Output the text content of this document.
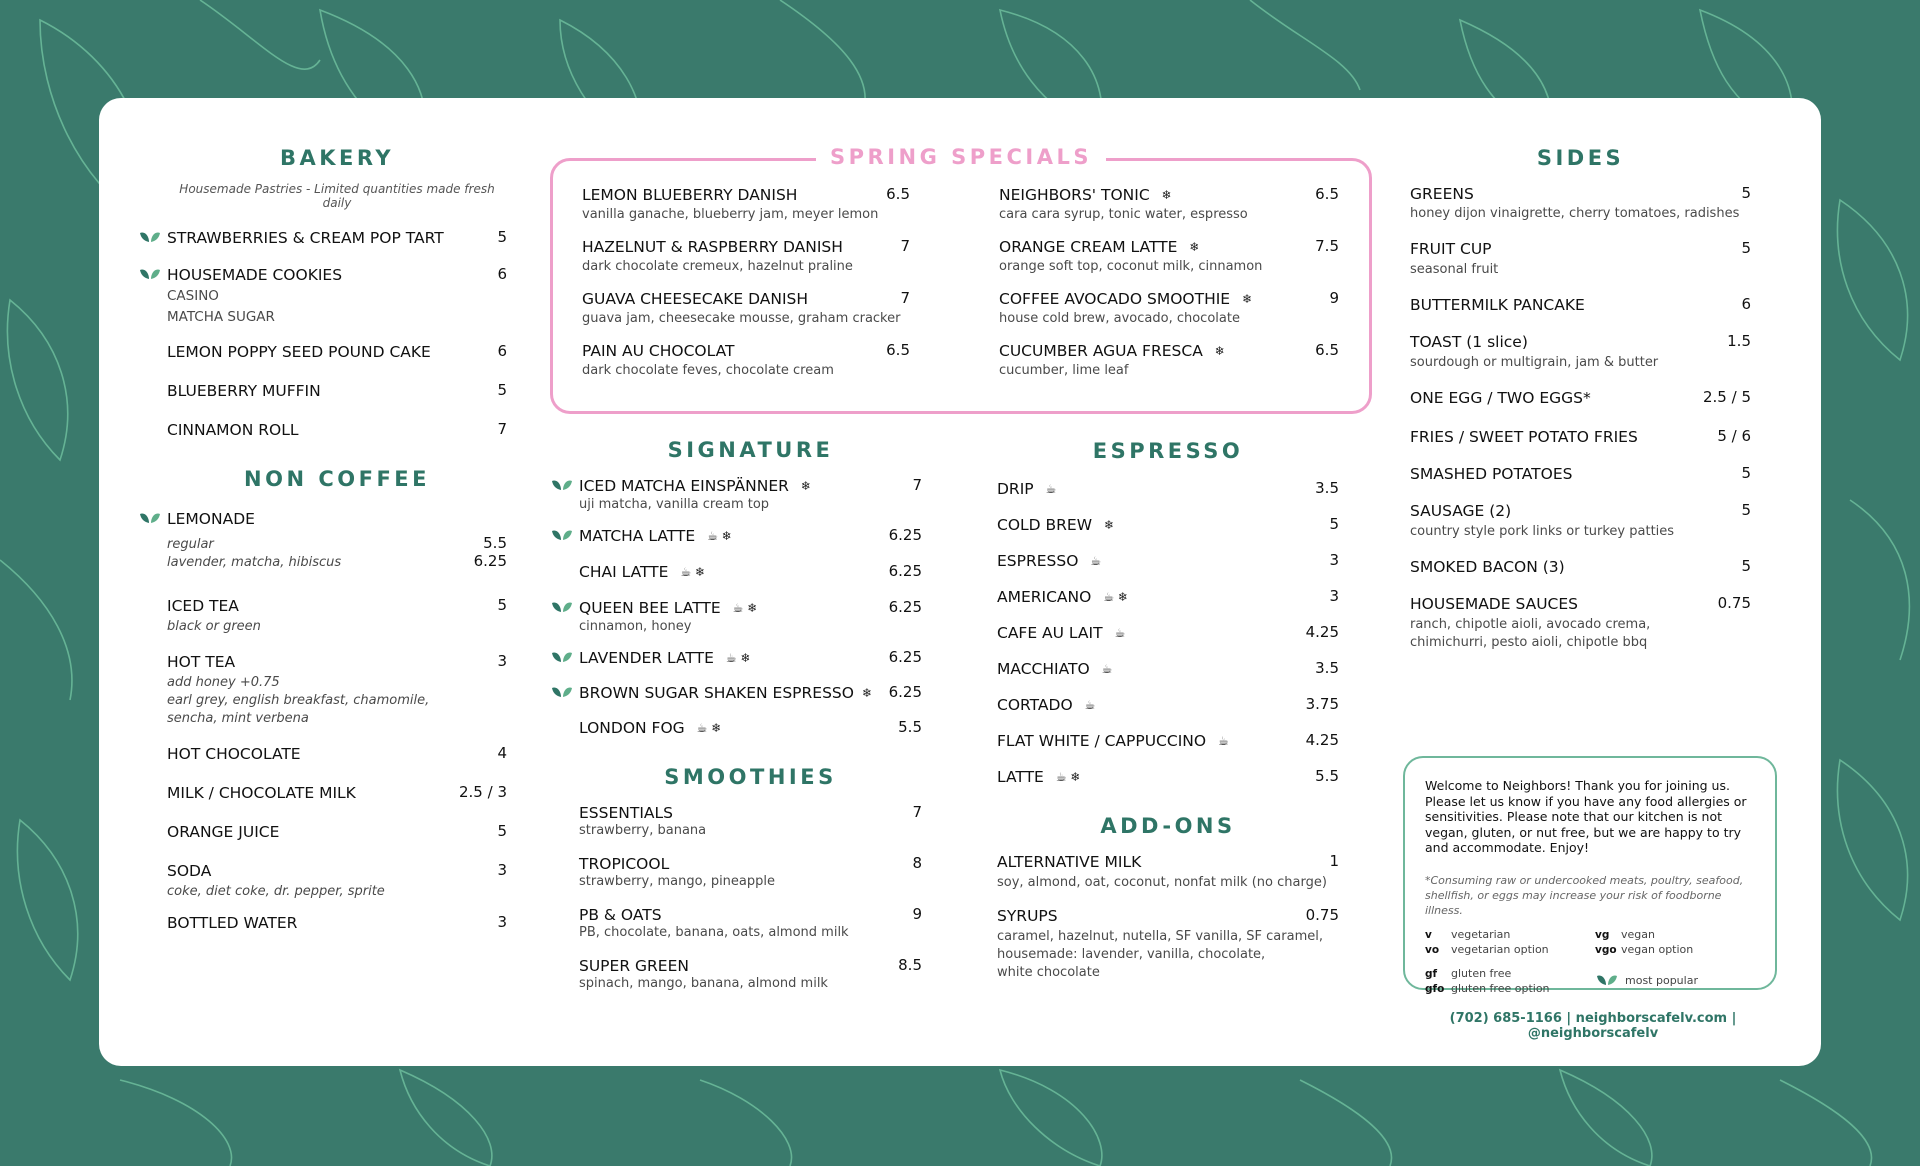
BAKERY
Housemade Pastries - Limited quantities made fresh daily
STRAWBERRIES & CREAM POP TART	5
HOUSEMADE COOKIES	6
CASINO
MATCHA SUGAR
LEMON POPPY SEED POUND CAKE	6
BLUEBERRY MUFFIN	5
CINNAMON ROLL	7
NON COFFEE
LEMONADE
regular	5.5
lavender, matcha, hibiscus	6.25
ICED TEA	5
black or green
HOT TEA	3
add honey +0.75
earl grey, english breakfast, chamomile,
sencha, mint verbena
HOT CHOCOLATE	4
MILK / CHOCOLATE MILK	2.5 / 3
ORANGE JUICE	5
SODA	3
coke, diet coke, dr. pepper, sprite
BOTTLED WATER	3
SPRING SPECIALS
LEMON BLUEBERRY DANISH	6.5
vanilla ganache, blueberry jam, meyer lemon
HAZELNUT & RASPBERRY DANISH	7
dark chocolate cremeux, hazelnut praline
GUAVA CHEESECAKE DANISH	7
guava jam, cheesecake mousse, graham cracker
PAIN AU CHOCOLAT	6.5
dark chocolate feves, chocolate cream
NEIGHBORS' TONIC ❄	6.5
cara cara syrup, tonic water, espresso
ORANGE CREAM LATTE ❄	7.5
orange soft top, coconut milk, cinnamon
COFFEE AVOCADO SMOOTHIE ❄	9
house cold brew, avocado, chocolate
CUCUMBER AGUA FRESCA ❄	6.5
cucumber, lime leaf
SIGNATURE
ICED MATCHA EINSPÄNNER ❄	7
uji matcha, vanilla cream top
MATCHA LATTE ☕ ❄	6.25
CHAI LATTE ☕ ❄	6.25
QUEEN BEE LATTE ☕ ❄	6.25
cinnamon, honey
LAVENDER LATTE ☕ ❄	6.25
BROWN SUGAR SHAKEN ESPRESSO ❄ 6.25
LONDON FOG ☕ ❄	5.5
SMOOTHIES
ESSENTIALS	7
strawberry, banana
TROPICOOL	8
strawberry, mango, pineapple
PB & OATS	9
PB, chocolate, banana, oats, almond milk
SUPER GREEN	8.5
spinach, mango, banana, almond milk
ESPRESSO
DRIP ☕	3.5
COLD BREW ❄	5
ESPRESSO ☕	3
AMERICANO ☕ ❄	3
CAFE AU LAIT ☕	4.25
MACCHIATO ☕	3.5
CORTADO ☕	3.75
FLAT WHITE / CAPPUCCINO ☕	4.25
LATTE ☕ ❄	5.5
ADD-ONS
ALTERNATIVE MILK	1
soy, almond, oat, coconut, nonfat milk (no charge)
SYRUPS	0.75
caramel, hazelnut, nutella, SF vanilla, SF caramel,
housemade: lavender, vanilla, chocolate,
white chocolate
SIDES
GREENS	5
honey dijon vinaigrette, cherry tomatoes, radishes
FRUIT CUP	5
seasonal fruit
BUTTERMILK PANCAKE	6
TOAST (1 slice)	1.5
sourdough or multigrain, jam & butter
ONE EGG / TWO EGGS*	2.5 / 5
FRIES / SWEET POTATO FRIES	5 / 6
SMASHED POTATOES	5
SAUSAGE (2)	5
country style pork links or turkey patties
SMOKED BACON (3)	5
HOUSEMADE SAUCES	0.75
ranch, chipotle aioli, avocado crema,
chimichurri, pesto aioli, chipotle bbq
Welcome to Neighbors! Thank you for joining us. Please let us know if you have any food allergies or sensitivities. Please note that our kitchen is not vegan, gluten, or nut free, but we are happy to try and accommodate. Enjoy!
*Consuming raw or undercooked meats, poultry, seafood, shellfish, or eggs may increase your risk of foodborne illness.
v vegetarian
vo vegetarian option
gf gluten free
gfo gluten free option
vg vegan
vgo vegan option
most popular
(702) 685-1166 | neighborscafelv.com | @neighborscafelv
